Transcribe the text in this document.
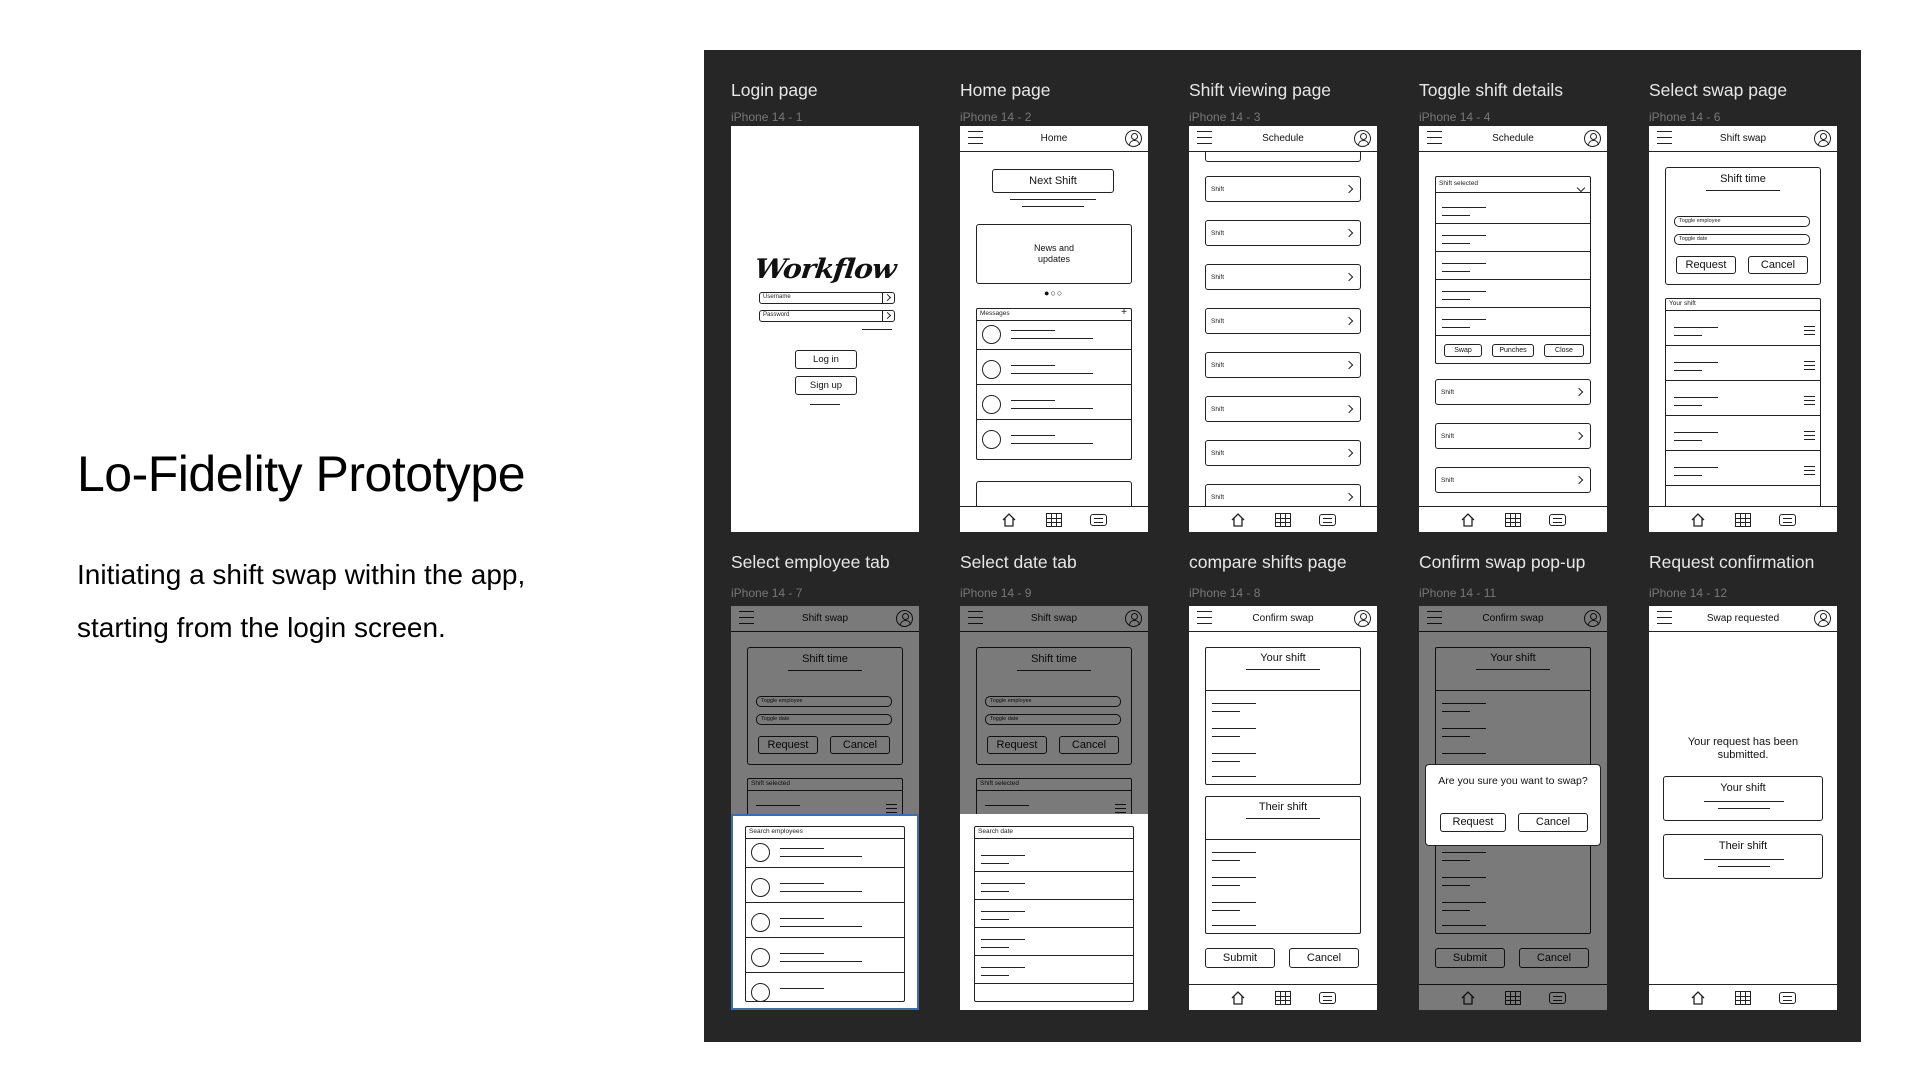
Lo-Fidelity Prototype
Initiating a shift swap within the app,
starting from the login screen.
Login page
iPhone 14 - 1
Workflow
Username
Password
Log in
Sign up
Home page
iPhone 14 - 2
Home
Next Shift
News and updates
●○○
Messages	+
Shift viewing page
iPhone 14 - 3
Schedule
Shift
Shift
Shift
Shift
Shift
Shift
Shift
Shift
Toggle shift details
iPhone 14 - 4
Schedule
Shift selected
Swap	Punches	Close
Shift
Shift
Shift
Select swap page
iPhone 14 - 6
Shift swap
Shift time
Toggle employee
Toggle date
Request	Cancel
Your shift
Select employee tab
iPhone 14 - 7
Search employees
Select date tab
iPhone 14 - 9
Search date
compare shifts page
iPhone 14 - 8
Confirm swap
Your shift
Their shift
Submit	Cancel
Confirm swap pop-up
iPhone 14 - 11
Are you sure you want to swap?
Request	Cancel
Request confirmation
iPhone 14 - 12
Swap requested
Your request has been submitted.
Your shift
Their shift
